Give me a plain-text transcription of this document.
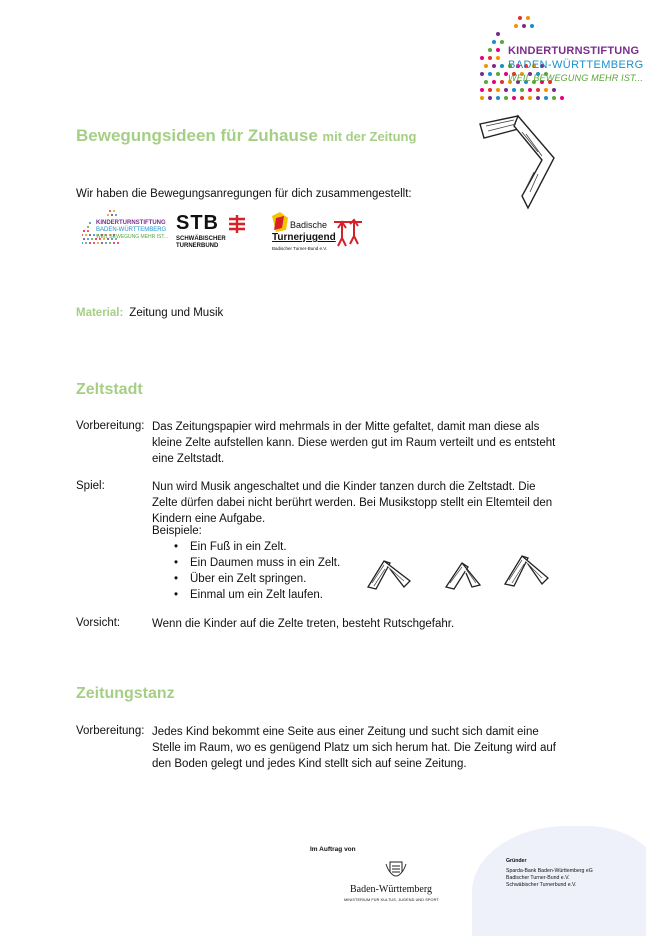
KINDERTURNSTIFTUNG
BADEN-WÜRTTEMBERG
WEIL BEWEGUNG MEHR IST...
Bewegungsideen für Zuhause mit der Zeitung
Wir haben die Bewegungsanregungen für dich zusammengestellt:
KINDERTURNSTIFTUNG
BADEN-WÜRTTEMBERG
WEIL BEWEGUNG MEHR IST...
STB
SCHWÄBISCHER
TURNERBUND
Badische
Turnerjugend
Badischer Turner-Bund e.V.
Material: Zeitung und Musik
Zeltstadt
Vorbereitung: Das Zeitungspapier wird mehrmals in der Mitte gefaltet, damit man diese als kleine Zelte aufstellen kann. Diese werden gut im Raum verteilt und es entsteht eine Zeltstadt.
Spiel:	Nun wird Musik angeschaltet und die Kinder tanzen durch die Zeltstadt. Die Zelte dürfen dabei nicht berührt werden. Bei Musikstopp stellt ein Eltemteil den Kindern eine Aufgabe.
Beispiele:
• Ein Fuß in ein Zelt.
• Ein Daumen muss in ein Zelt.
• Über ein Zelt springen.
• Einmal um ein Zelt laufen.
Vorsicht:	Wenn die Kinder auf die Zelte treten, besteht Rutschgefahr.
Zeitungstanz
Vorbereitung: Jedes Kind bekommt eine Seite aus einer Zeitung und sucht sich damit eine Stelle im Raum, wo es genügend Platz um sich herum hat. Die Zeitung wird auf den Boden gelegt und jedes Kind stellt sich auf seine Zeitung.
Im Auftrag von
Baden-Württemberg
MINISTERIUM FÜR KULTUS, JUGEND UND SPORT
Gründer
Sparda-Bank Baden-Württemberg eG
Badischer Turner-Bund e.V.
Schwäbischer Turnerbund e.V.
